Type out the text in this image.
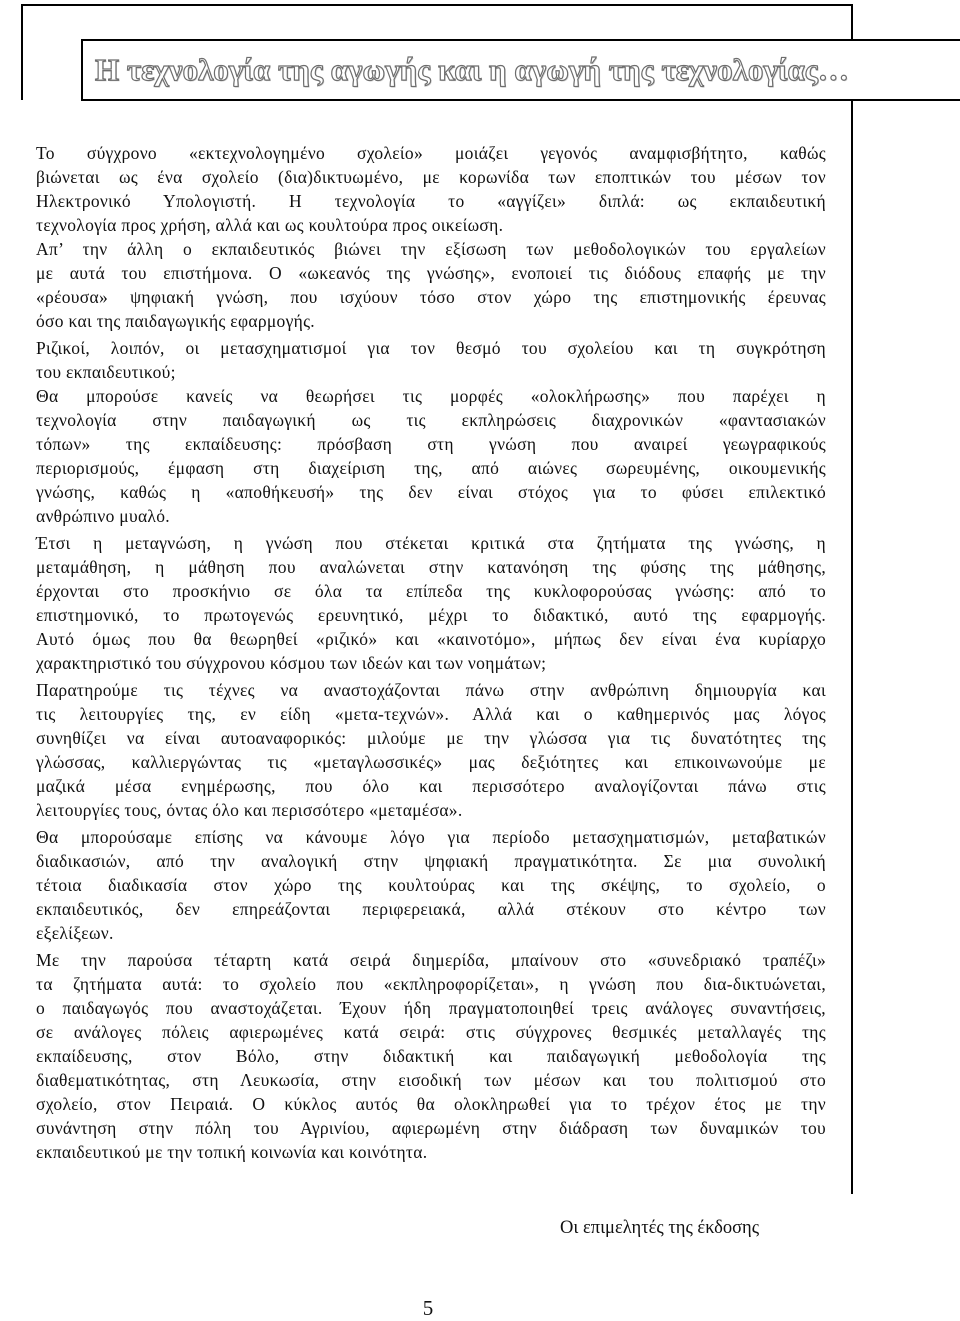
Η τεχνολογία της αγωγής και η αγωγή της τεχνολογίας…
Το σύγχρονο «εκτεχνολογημένο σχολείο» μοιάζει γεγονός αναμφισβήτητο, καθώς
βιώνεται ως ένα σχολείο (δια)δικτυωμένο, με κορωνίδα των εποπτικών του μέσων τον
Ηλεκτρονικό Υπολογιστή. Η τεχνολογία το «αγγίζει» διπλά: ως εκπαιδευτική
τεχνολογία προς χρήση, αλλά και ως κουλτούρα προς οικείωση.
Απ’ την άλλη ο εκπαιδευτικός βιώνει την εξίσωση των μεθοδολογικών του εργαλείων
με αυτά του επιστήμονα. Ο «ωκεανός της γνώσης», ενοποιεί τις διόδους επαφής με την
«ρέουσα» ψηφιακή γνώση, που ισχύουν τόσο στον χώρο της επιστημονικής έρευνας
όσο και της παιδαγωγικής εφαρμογής.
Ριζικοί, λοιπόν, οι μετασχηματισμοί για τον θεσμό του σχολείου και τη συγκρότηση
του εκπαιδευτικού;
Θα μπορούσε κανείς να θεωρήσει τις μορφές «ολοκλήρωσης» που παρέχει η
τεχνολογία στην παιδαγωγική ως τις εκπληρώσεις διαχρονικών «φαντασιακών
τόπων» της εκπαίδευσης: πρόσβαση στη γνώση που αναιρεί γεωγραφικούς
περιορισμούς, έμφαση στη διαχείριση της, από αιώνες σωρευμένης, οικουμενικής
γνώσης, καθώς η «αποθήκευσή» της δεν είναι στόχος για το φύσει επιλεκτικό
ανθρώπινο μυαλό.
Έτσι η μεταγνώση, η γνώση που στέκεται κριτικά στα ζητήματα της γνώσης, η
μεταμάθηση, η μάθηση που αναλώνεται στην κατανόηση της φύσης της μάθησης,
έρχονται στο προσκήνιο σε όλα τα επίπεδα της κυκλοφορούσας γνώσης: από το
επιστημονικό, το πρωτογενώς ερευνητικό, μέχρι το διδακτικό, αυτό της εφαρμογής.
Αυτό όμως που θα θεωρηθεί «ριζικό» και «καινοτόμο», μήπως δεν είναι ένα κυρίαρχο
χαρακτηριστικό του σύγχρονου κόσμου των ιδεών και των νοημάτων;
Παρατηρούμε τις τέχνες να αναστοχάζονται πάνω στην ανθρώπινη δημιουργία και
τις λειτουργίες της, εν είδη «μετα-τεχνών». Αλλά και ο καθημερινός μας λόγος
συνηθίζει να είναι αυτοαναφορικός: μιλούμε με την γλώσσα για τις δυνατότητες της
γλώσσας, καλλιεργώντας τις «μεταγλωσσικές» μας δεξιότητες και επικοινωνούμε με
μαζικά μέσα ενημέρωσης, που όλο και περισσότερο αναλογίζονται πάνω στις
λειτουργίες τους, όντας όλο και περισσότερο «μεταμέσα».
Θα μπορούσαμε επίσης να κάνουμε λόγο για περίοδο μετασχηματισμών, μεταβατικών
διαδικασιών, από την αναλογική στην ψηφιακή πραγματικότητα. Σε μια συνολική
τέτοια διαδικασία στον χώρο της κουλτούρας και της σκέψης, το σχολείο, ο
εκπαιδευτικός, δεν επηρεάζονται περιφερειακά, αλλά στέκουν στο κέντρο των
εξελίξεων.
Με την παρούσα τέταρτη κατά σειρά διημερίδα, μπαίνουν στο «συνεδριακό τραπέζι»
τα ζητήματα αυτά: το σχολείο που «εκπληροφορίζεται», η γνώση που δια-δικτυώνεται,
ο παιδαγωγός που αναστοχάζεται. Έχουν ήδη πραγματοποιηθεί τρεις ανάλογες συναντήσεις,
σε ανάλογες πόλεις αφιερωμένες κατά σειρά: στις σύγχρονες θεσμικές μεταλλαγές της
εκπαίδευσης, στον Βόλο, στην διδακτική και παιδαγωγική μεθοδολογία της
διαθεματικότητας, στη Λευκωσία, στην εισοδική των μέσων και του πολιτισμού στο
σχολείο, στον Πειραιά. Ο κύκλος αυτός θα ολοκληρωθεί για το τρέχον έτος με την
συνάντηση στην πόλη του Αγρινίου, αφιερωμένη στην διάδραση των δυναμικών του
εκπαιδευτικού με την τοπική κοινωνία και κοινότητα.
Οι επιμελητές της έκδοσης
5
